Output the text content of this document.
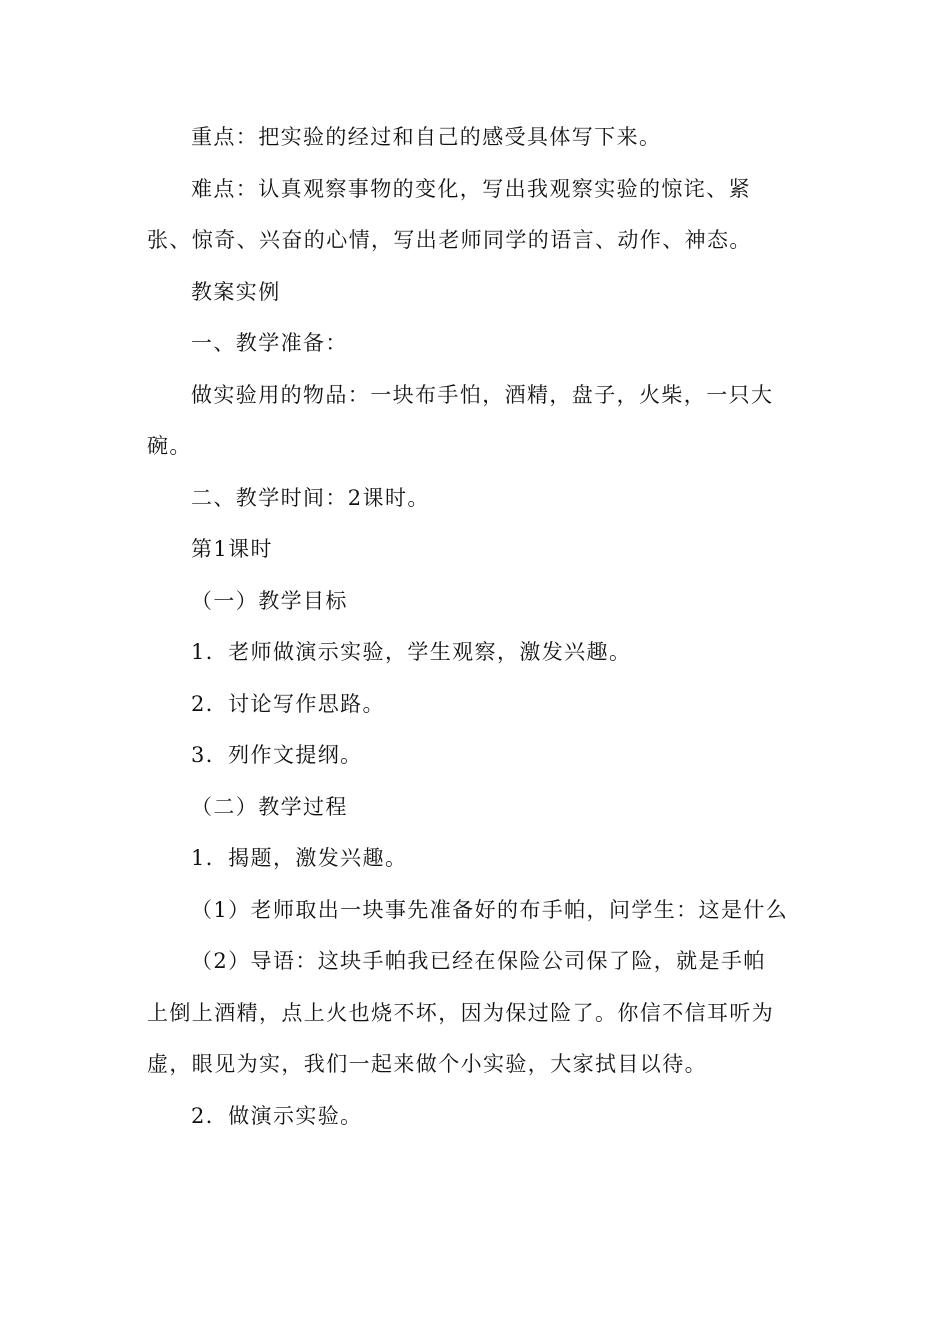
重点：把实验的经过和自己的感受具体写下来。

难点：认真观察事物的变化，写出我观察实验的惊诧、紧张、惊奇、兴奋的心情，写出老师同学的语言、动作、神态。

教案实例

一、教学准备：

做实验用的物品：一块布手怕，酒精，盘子，火柴，一只大碗。

二、教学时间：2课时。

第1课时

（一）教学目标

1．老师做演示实验，学生观察，激发兴趣。

2．讨论写作思路。

3．列作文提纲。

（二）教学过程

1．揭题，激发兴趣。

（1）老师取出一块事先准备好的布手帕，问学生：这是什么

（2）导语：这块手帕我已经在保险公司保了险，就是手帕上倒上酒精，点上火也烧不坏，因为保过险了。你信不信耳听为虚，眼见为实，我们一起来做个小实验，大家拭目以待。

2．做演示实验。
